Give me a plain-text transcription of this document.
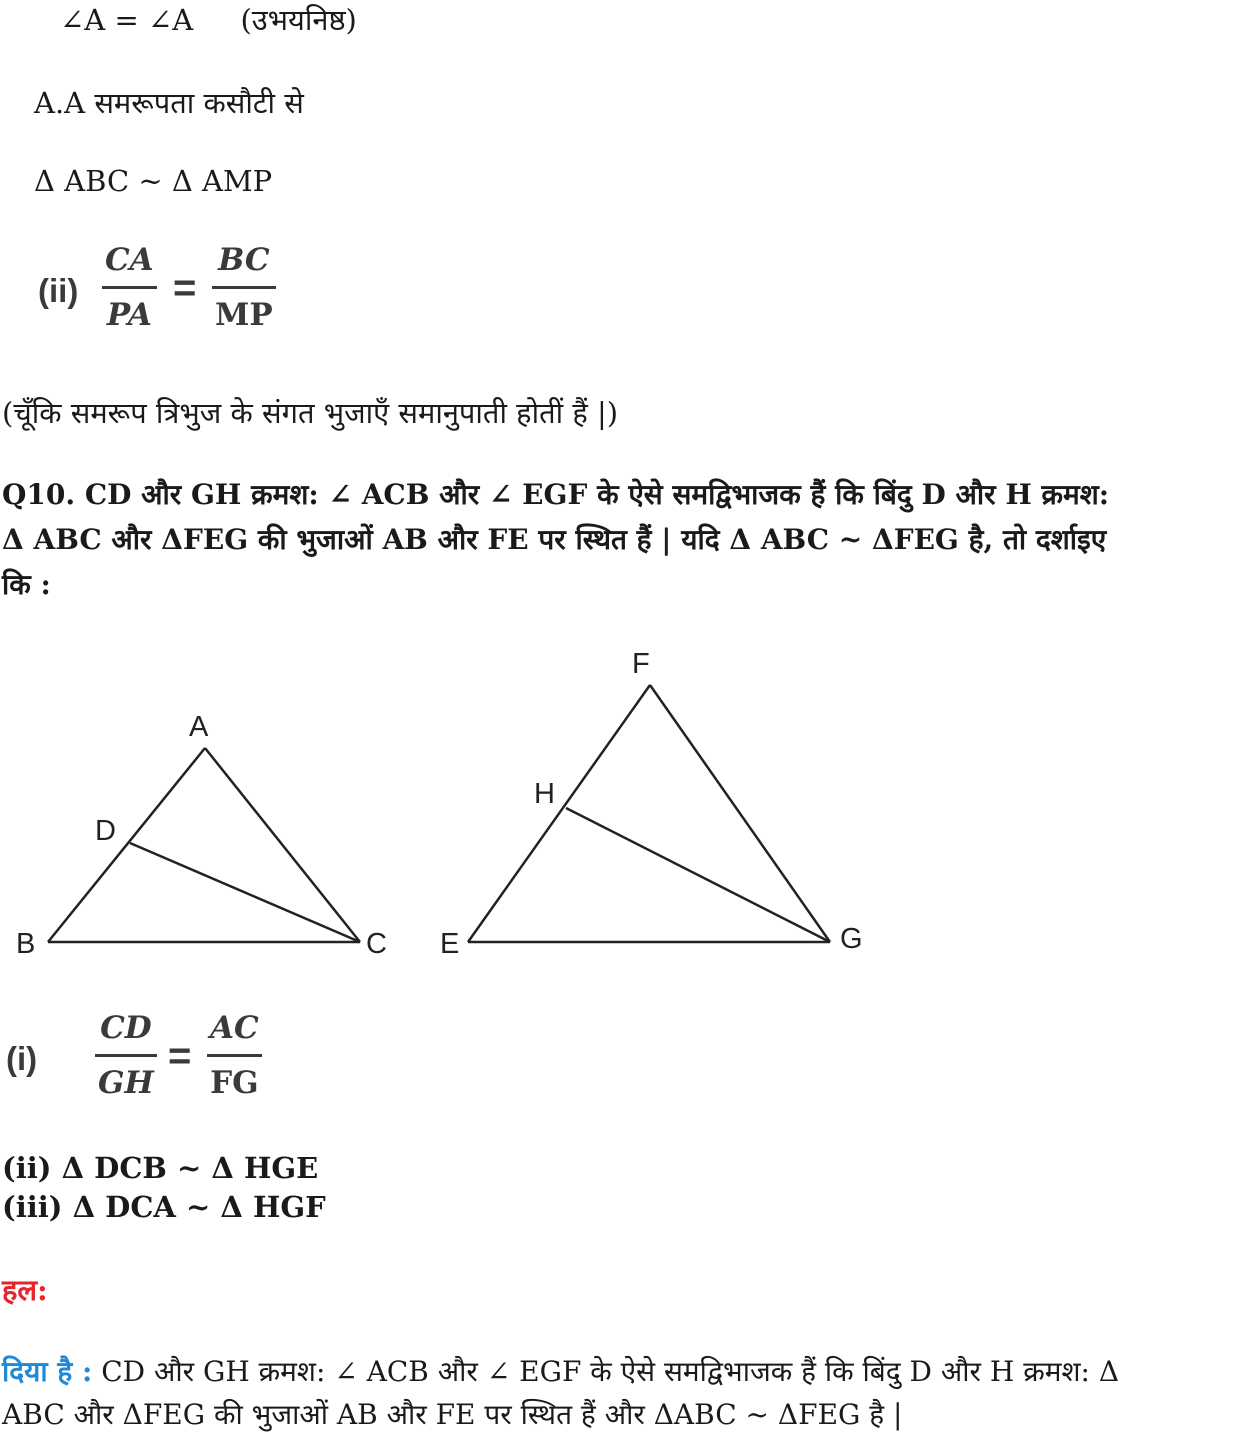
∠A = ∠A (उभयनिष्ठ)
A.A समरूपता कसौटी से
Δ ABC ~ Δ AMP
(ii)
CA
PA
=
BC
MP
(चूँकि समरूप त्रिभुज के संगत भुजाएँ समानुपाती होतीं हैं |)
Q10. CD और GH क्रमश: ∠ ACB और ∠ EGF के ऐसे समद्विभाजक हैं कि बिंदु D और H क्रमश:
Δ ABC और ΔFEG की भुजाओं AB और FE पर स्थित हैं | यदि Δ ABC ~ ΔFEG है, तो दर्शाइए
कि :
A
D
B	C
F
H
E	G
(i)
CD
GH
=
AC
FG
(ii) Δ DCB ~ Δ HGE
(iii) Δ DCA ~ Δ HGF
हल:
दिया है : CD और GH क्रमश: ∠ ACB और ∠ EGF के ऐसे समद्विभाजक हैं कि बिंदु D और H क्रमश: Δ
ABC और ΔFEG की भुजाओं AB और FE पर स्थित हैं और ΔABC ~ ΔFEG है |
